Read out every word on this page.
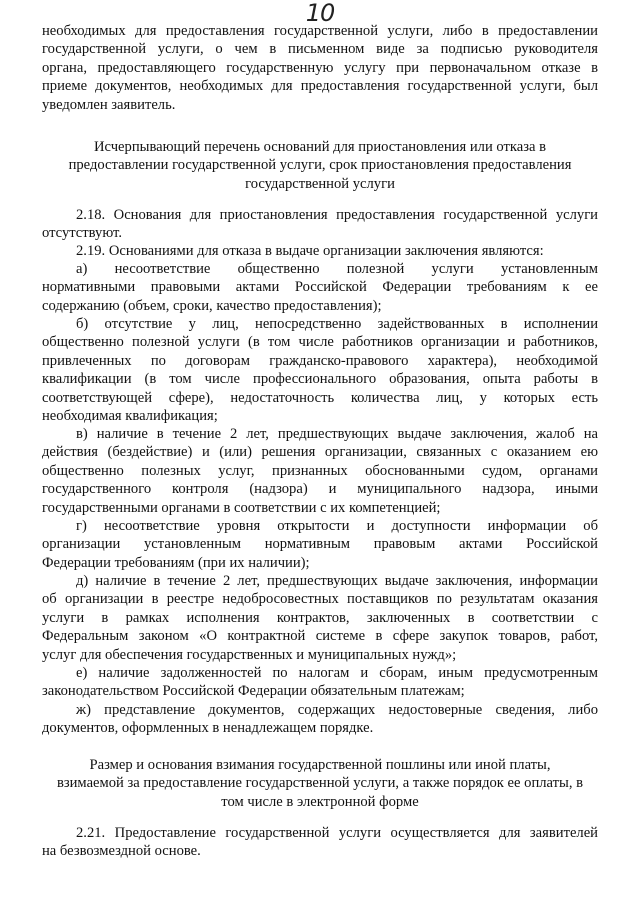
10
необходимых для предоставления государственной услуги, либо в предоставлении
государственной услуги, о чем в письменном виде за подписью руководителя
органа, предоставляющего государственную услугу при первоначальном отказе в
приеме документов, необходимых для предоставления государственной услуги, был
уведомлен заявитель.
Исчерпывающий перечень оснований для приостановления или отказа в
предоставлении государственной услуги, срок приостановления предоставления
государственной услуги
2.18. Основания для приостановления предоставления государственной услуги
отсутствуют.
2.19. Основаниями для отказа в выдаче организации заключения являются:
а) несоответствие общественно полезной услуги установленным
нормативными правовыми актами Российской Федерации требованиям к ее
содержанию (объем, сроки, качество предоставления);
б) отсутствие у лиц, непосредственно задействованных в исполнении
общественно полезной услуги (в том числе работников организации и работников,
привлеченных по договорам гражданско-правового характера), необходимой
квалификации (в том числе профессионального образования, опыта работы в
соответствующей сфере), недостаточность количества лиц, у которых есть
необходимая квалификация;
в) наличие в течение 2 лет, предшествующих выдаче заключения, жалоб на
действия (бездействие) и (или) решения организации, связанных с оказанием ею
общественно полезных услуг, признанных обоснованными судом, органами
государственного контроля (надзора) и муниципального надзора, иными
государственными органами в соответствии с их компетенцией;
г) несоответствие уровня открытости и доступности информации об
организации установленным нормативным правовым актами Российской
Федерации требованиям (при их наличии);
д) наличие в течение 2 лет, предшествующих выдаче заключения, информации
об организации в реестре недобросовестных поставщиков по результатам оказания
услуги в рамках исполнения контрактов, заключенных в соответствии с
Федеральным законом «О контрактной системе в сфере закупок товаров, работ,
услуг для обеспечения государственных и муниципальных нужд»;
е) наличие задолженностей по налогам и сборам, иным предусмотренным
законодательством Российской Федерации обязательным платежам;
ж) представление документов, содержащих недостоверные сведения, либо
документов, оформленных в ненадлежащем порядке.
Размер и основания взимания государственной пошлины или иной платы,
взимаемой за предоставление государственной услуги, а также порядок ее оплаты, в
том числе в электронной форме
2.21. Предоставление государственной услуги осуществляется для заявителей
на безвозмездной основе.
